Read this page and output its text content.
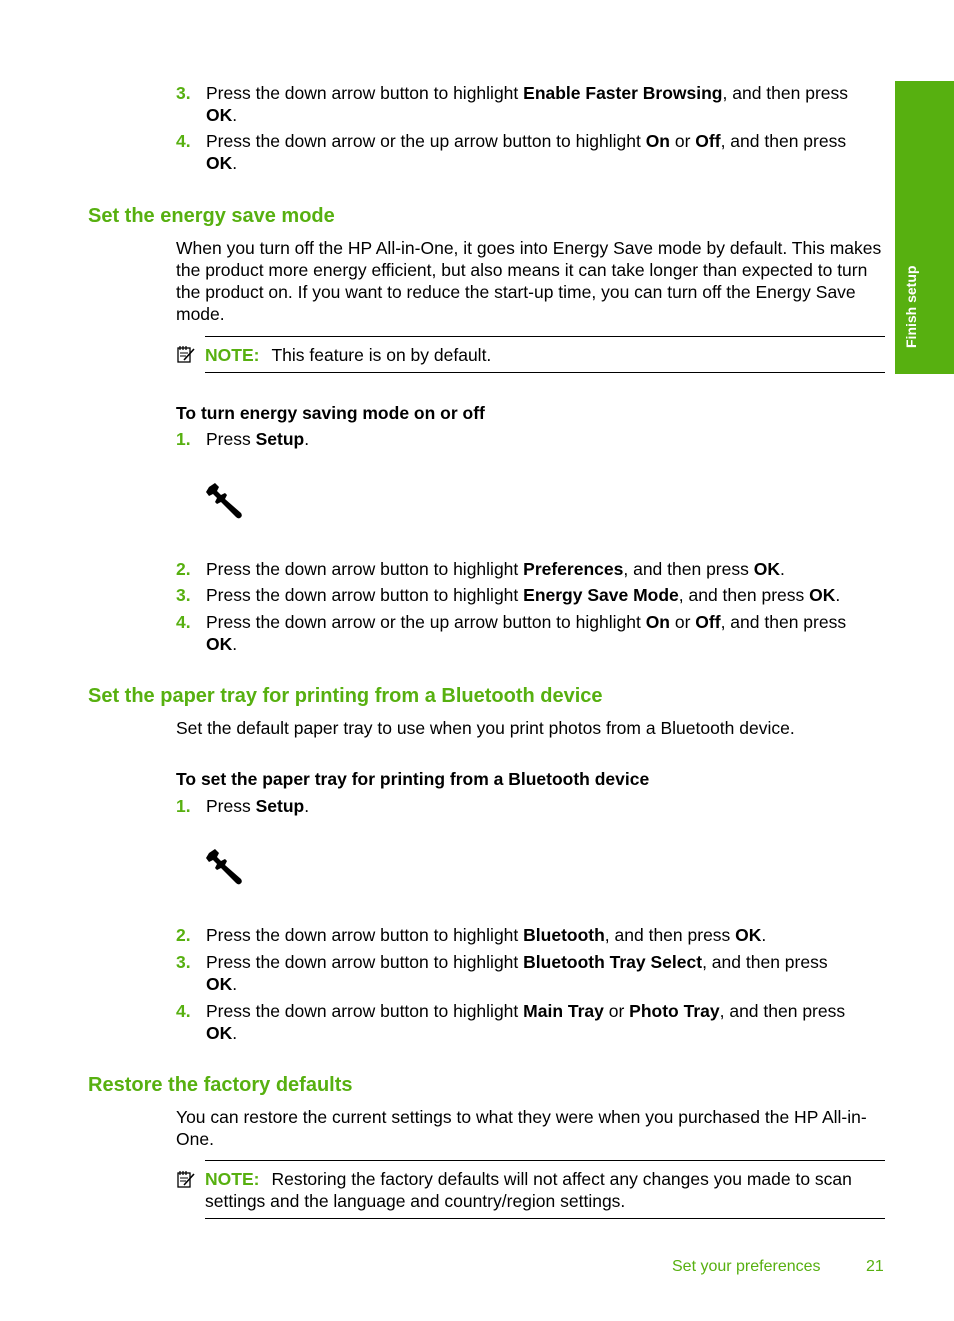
Finish setup
3. Press the down arrow button to highlight Enable Faster Browsing, and then press
OK.
4. Press the down arrow or the up arrow button to highlight On or Off, and then press
OK.
Set the energy save mode
When you turn off the HP All-in-One, it goes into Energy Save mode by default. This makes the product more energy efficient, but also means it can take longer than expected to turn the product on. If you want to reduce the start-up time, you can turn off the Energy Save mode.
NOTE: This feature is on by default.
To turn energy saving mode on or off
1. Press Setup.
2. Press the down arrow button to highlight Preferences, and then press OK.
3. Press the down arrow button to highlight Energy Save Mode, and then press OK.
4. Press the down arrow or the up arrow button to highlight On or Off, and then press
OK.
Set the paper tray for printing from a Bluetooth device
Set the default paper tray to use when you print photos from a Bluetooth device.
To set the paper tray for printing from a Bluetooth device
1. Press Setup.
2. Press the down arrow button to highlight Bluetooth, and then press OK.
3. Press the down arrow button to highlight Bluetooth Tray Select, and then press
OK.
4. Press the down arrow button to highlight Main Tray or Photo Tray, and then press
OK.
Restore the factory defaults
You can restore the current settings to what they were when you purchased the HP All-in-One.
NOTE: Restoring the factory defaults will not affect any changes you made to scan settings and the language and country/region settings.
Set your preferences	21
